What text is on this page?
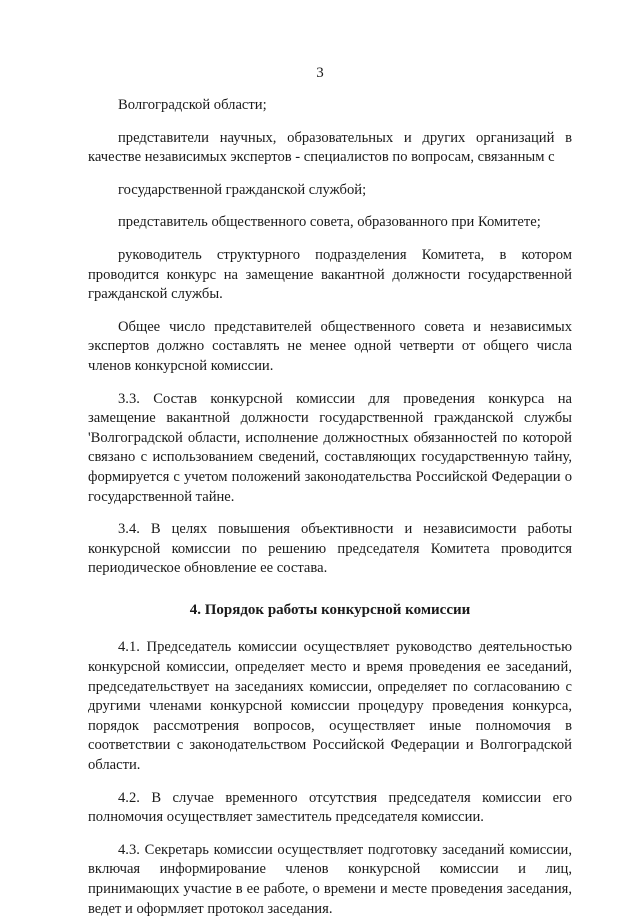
3

Волгоградской области;

представители научных, образовательных и других организаций в качестве независимых экспертов - специалистов по вопросам, связанным с

государственной гражданской службой;

представитель общественного совета, образованного при Комитете;

руководитель структурного подразделения Комитета, в котором проводится конкурс на замещение вакантной должности государственной гражданской службы.

Общее число представителей общественного совета и независимых экспертов должно составлять не менее одной четверти от общего числа членов конкурсной комиссии.

3.3. Состав конкурсной комиссии для проведения конкурса на замещение вакантной должности государственной гражданской службы 'Волгоградской области, исполнение должностных обязанностей по которой связано с использованием сведений, составляющих государственную тайну, формируется с учетом положений законодательства Российской Федерации о государственной тайне.

3.4. В целях повышения объективности и независимости работы конкурсной комиссии по решению председателя Комитета проводится периодическое обновление ее состава.

4. Порядок работы конкурсной комиссии

4.1. Председатель комиссии осуществляет руководство деятельностью конкурсной комиссии, определяет место и время проведения ее заседаний, председательствует на заседаниях комиссии, определяет по согласованию с другими членами конкурсной комиссии процедуру проведения конкурса, порядок рассмотрения вопросов, осуществляет иные полномочия в соответствии с законодательством Российской Федерации и Волгоградской области.

4.2. В случае временного отсутствия председателя комиссии его полномочия осуществляет заместитель председателя комиссии.

4.3. Секретарь комиссии осуществляет подготовку заседаний комиссии, включая информирование членов конкурсной комиссии и лиц, принимающих участие в ее работе, о времени и месте проведения заседания, ведет и оформляет протокол заседания.
